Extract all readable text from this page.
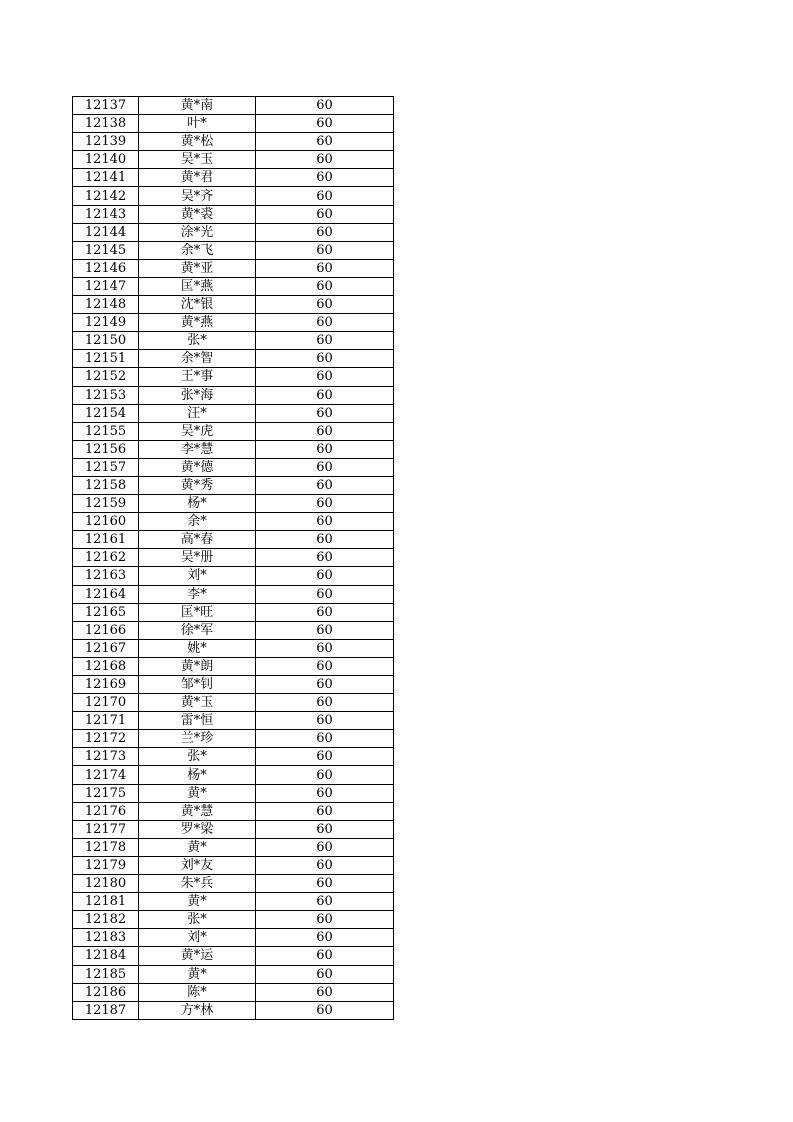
12137	黄*南	60
12138	叶*	60
12139	黄*松	60
12140	吴*玉	60
12141	黄*君	60
12142	吴*齐	60
12143	黄*裘	60
12144	涂*光	60
12145	余*飞	60
12146	黄*亚	60
12147	匡*燕	60
12148	沈*银	60
12149	黄*燕	60
12150	张*	60
12151	余*智	60
12152	王*事	60
12153	张*海	60
12154	汪*	60
12155	吴*虎	60
12156	李*慧	60
12157	黄*德	60
12158	黄*秀	60
12159	杨*	60
12160	余*	60
12161	高*春	60
12162	吴*册	60
12163	刘*	60
12164	李*	60
12165	匡*旺	60
12166	徐*军	60
12167	姚*	60
12168	黄*朗	60
12169	邹*钊	60
12170	黄*玉	60
12171	雷*恒	60
12172	兰*珍	60
12173	张*	60
12174	杨*	60
12175	黄*	60
12176	黄*慧	60
12177	罗*梁	60
12178	黄*	60
12179	刘*友	60
12180	朱*兵	60
12181	黄*	60
12182	张*	60
12183	刘*	60
12184	黄*运	60
12185	黄*	60
12186	陈*	60
12187	方*林	60
